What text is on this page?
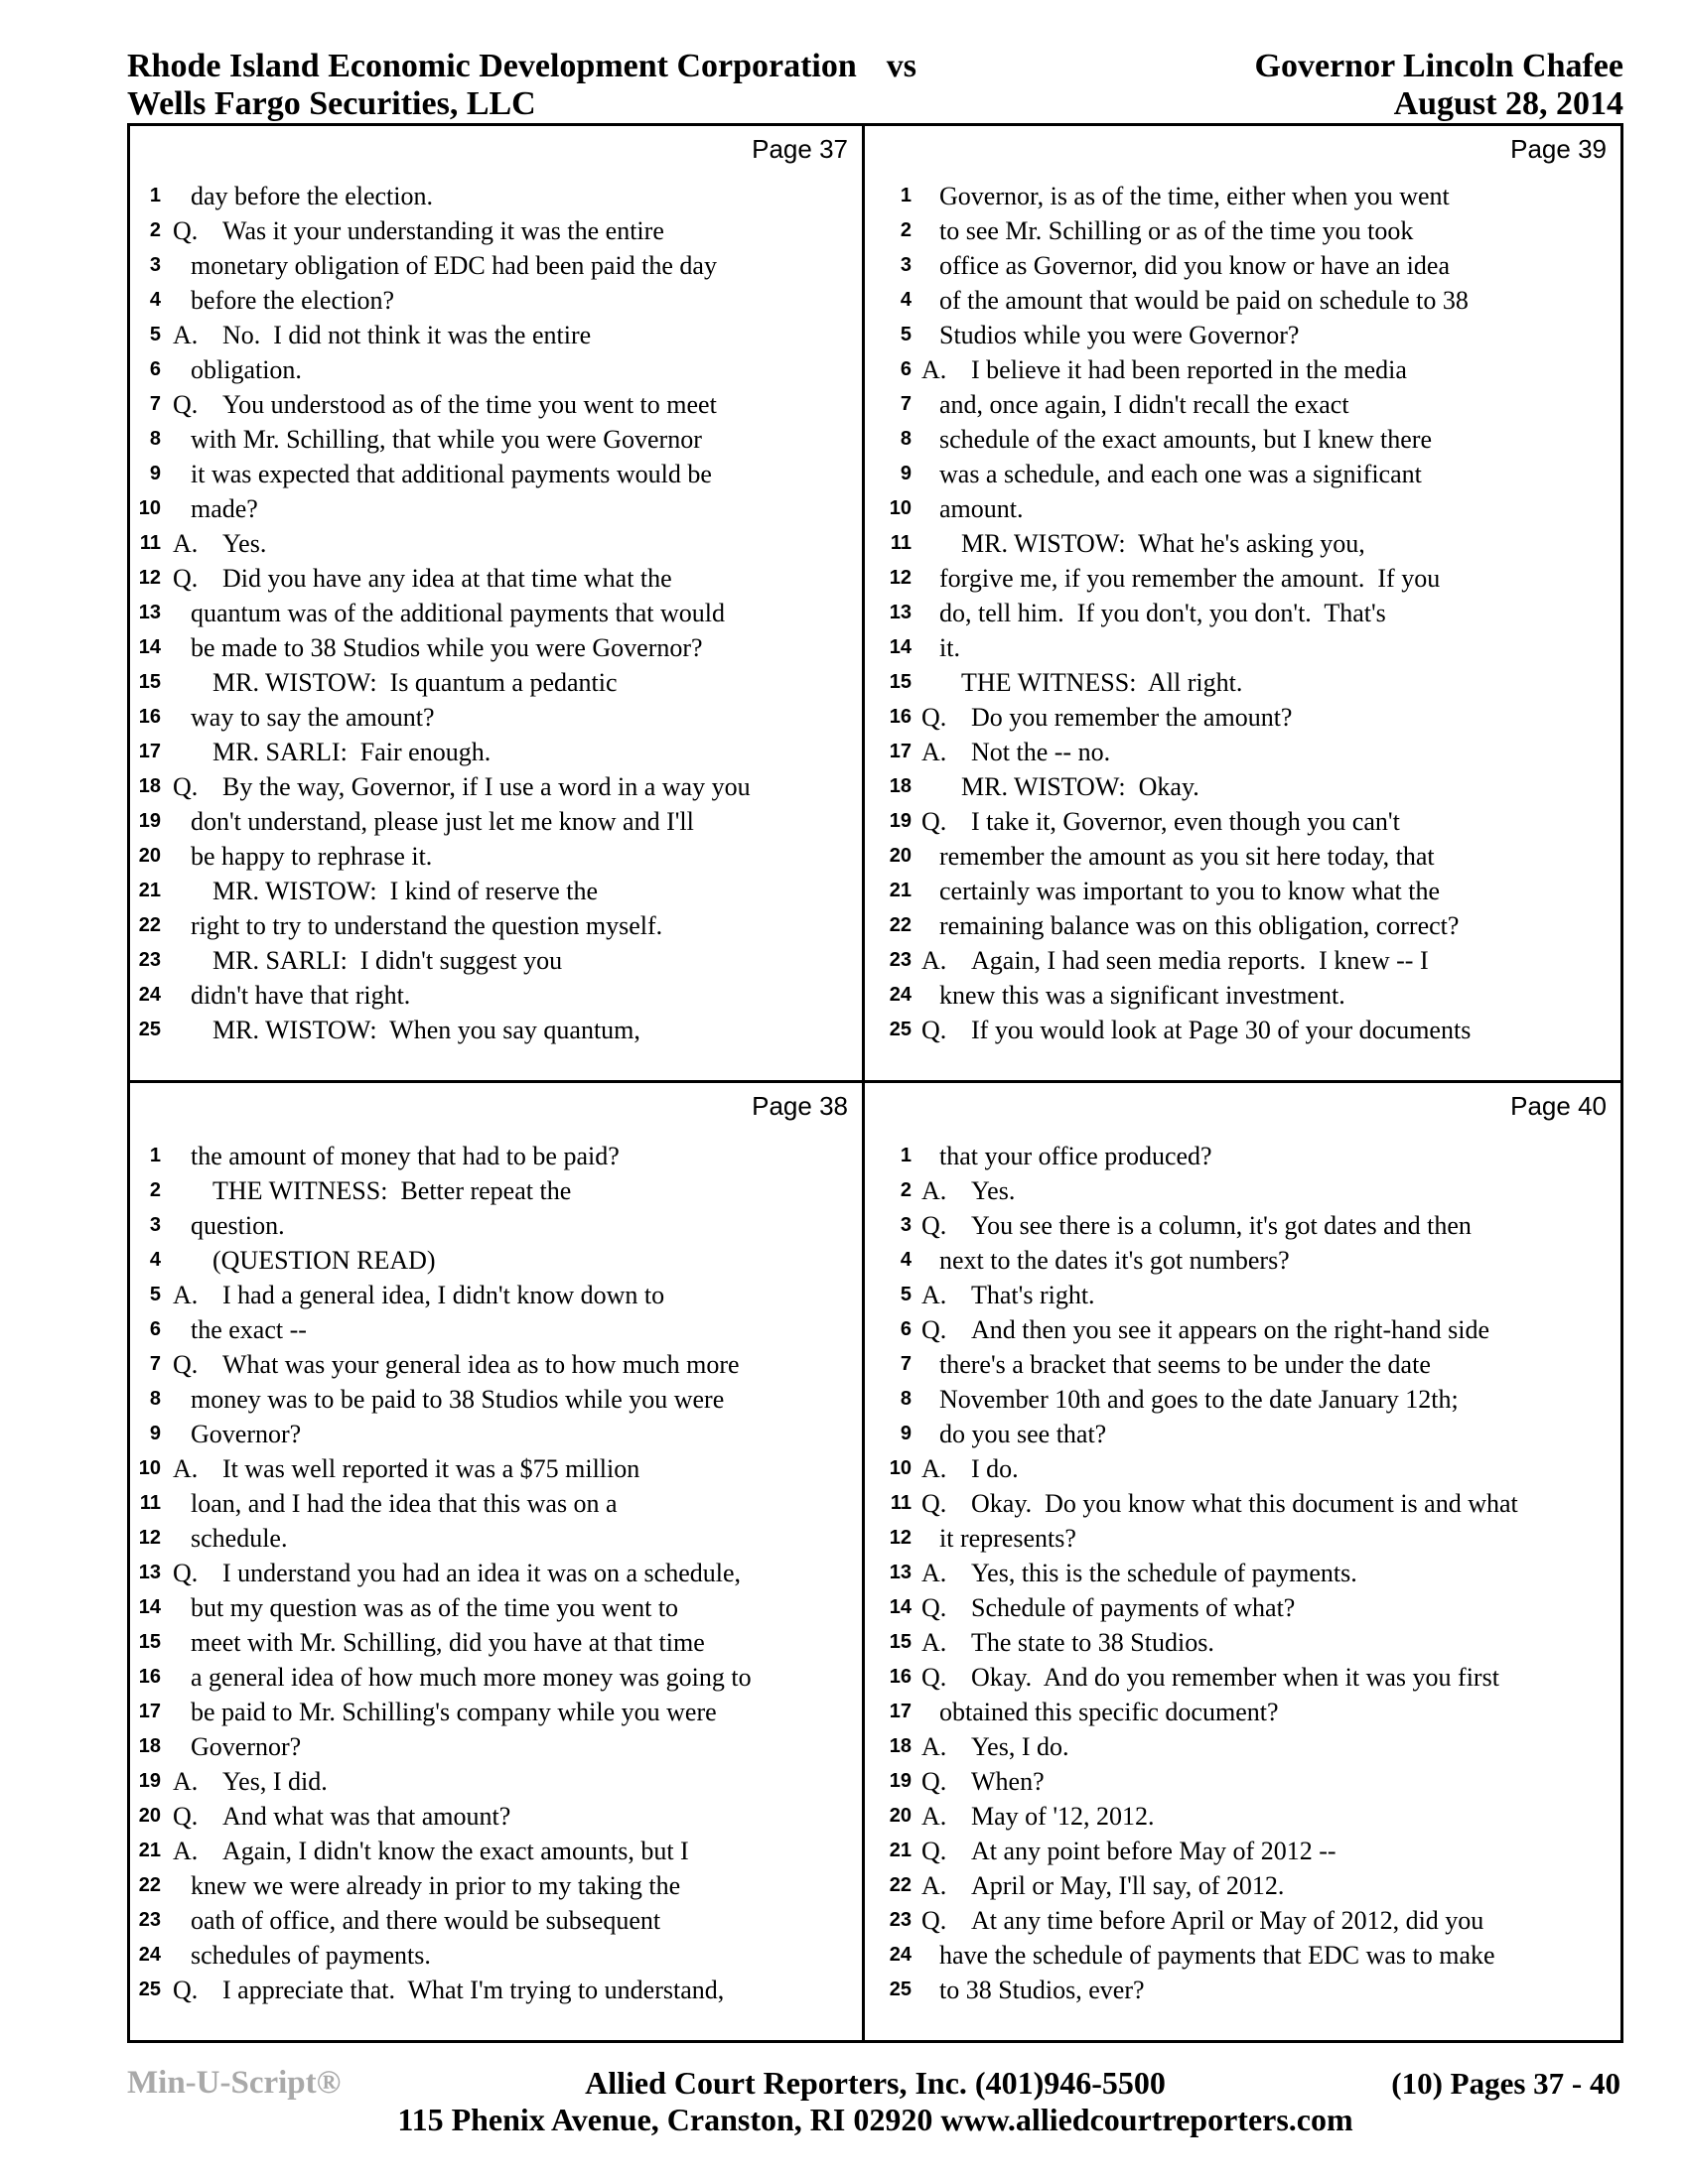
Rhode Island Economic Development Corporation vs
Wells Fargo Securities, LLC
Governor Lincoln Chafee
August 28, 2014
Page 37
1 day before the election.
2 Q. Was it your understanding it was the entire
3 monetary obligation of EDC had been paid the day
4 before the election?
5 A. No.  I did not think it was the entire
6 obligation.
7 Q. You understood as of the time you went to meet
8 with Mr. Schilling, that while you were Governor
9 it was expected that additional payments would be
10 made?
11 A. Yes.
12 Q. Did you have any idea at that time what the
13 quantum was of the additional payments that would
14 be made to 38 Studios while you were Governor?
15	MR. WISTOW:  Is quantum a pedantic
16 way to say the amount?
17	MR. SARLI:  Fair enough.
18 Q. By the way, Governor, if I use a word in a way you
19 don't understand, please just let me know and I'll
20 be happy to rephrase it.
21	MR. WISTOW:  I kind of reserve the
22 right to try to understand the question myself.
23	MR. SARLI:  I didn't suggest you
24 didn't have that right.
25	MR. WISTOW:  When you say quantum,
Page 39
1 Governor, is as of the time, either when you went
2 to see Mr. Schilling or as of the time you took
3 office as Governor, did you know or have an idea
4 of the amount that would be paid on schedule to 38
5 Studios while you were Governor?
6 A. I believe it had been reported in the media
7 and, once again, I didn't recall the exact
8 schedule of the exact amounts, but I knew there
9 was a schedule, and each one was a significant
10 amount.
11	MR. WISTOW:  What he's asking you,
12 forgive me, if you remember the amount.  If you
13 do, tell him.  If you don't, you don't.  That's
14 it.
15	THE WITNESS:  All right.
16 Q. Do you remember the amount?
17 A. Not the -- no.
18	MR. WISTOW:  Okay.
19 Q. I take it, Governor, even though you can't
20 remember the amount as you sit here today, that
21 certainly was important to you to know what the
22 remaining balance was on this obligation, correct?
23 A. Again, I had seen media reports.  I knew -- I
24 knew this was a significant investment.
25 Q. If you would look at Page 30 of your documents
Page 38
1 the amount of money that had to be paid?
2	THE WITNESS:  Better repeat the
3 question.
4	(QUESTION READ)
5 A. I had a general idea, I didn't know down to
6 the exact --
7 Q. What was your general idea as to how much more
8 money was to be paid to 38 Studios while you were
9 Governor?
10 A. It was well reported it was a $75 million
11 loan, and I had the idea that this was on a
12 schedule.
13 Q. I understand you had an idea it was on a schedule,
14 but my question was as of the time you went to
15 meet with Mr. Schilling, did you have at that time
16 a general idea of how much more money was going to
17 be paid to Mr. Schilling's company while you were
18 Governor?
19 A. Yes, I did.
20 Q. And what was that amount?
21 A. Again, I didn't know the exact amounts, but I
22 knew we were already in prior to my taking the
23 oath of office, and there would be subsequent
24 schedules of payments.
25 Q. I appreciate that.  What I'm trying to understand,
Page 40
1 that your office produced?
2 A. Yes.
3 Q. You see there is a column, it's got dates and then
4 next to the dates it's got numbers?
5 A. That's right.
6 Q. And then you see it appears on the right-hand side
7 there's a bracket that seems to be under the date
8 November 10th and goes to the date January 12th;
9 do you see that?
10 A. I do.
11 Q. Okay.  Do you know what this document is and what
12 it represents?
13 A. Yes, this is the schedule of payments.
14 Q. Schedule of payments of what?
15 A. The state to 38 Studios.
16 Q. Okay.  And do you remember when it was you first
17 obtained this specific document?
18 A. Yes, I do.
19 Q. When?
20 A. May of '12, 2012.
21 Q. At any point before May of 2012 --
22 A. April or May, I'll say, of 2012.
23 Q. At any time before April or May of 2012, did you
24 have the schedule of payments that EDC was to make
25 to 38 Studios, ever?
Min-U-Script®	Allied Court Reporters, Inc. (401)946-5500	(10) Pages 37 - 40
115 Phenix Avenue, Cranston, RI 02920 www.alliedcourtreporters.com
